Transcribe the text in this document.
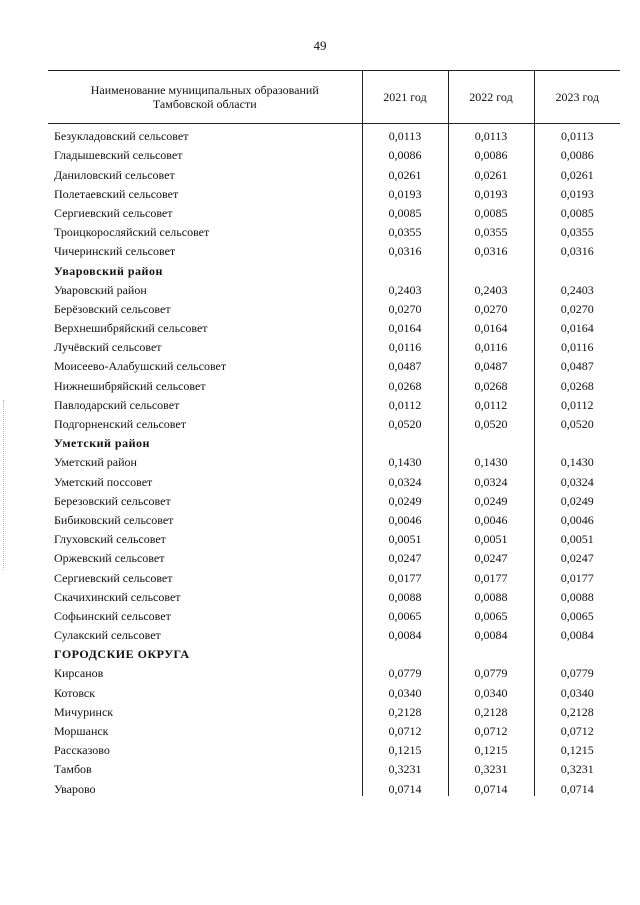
49
Наименование муниципальных образований Тамбовской области	2021 год	2022 год	2023 год
Безукладовский сельсовет	0,0113	0,0113	0,0113
Гладышевский сельсовет	0,0086	0,0086	0,0086
Даниловский сельсовет	0,0261	0,0261	0,0261
Полетаевский сельсовет	0,0193	0,0193	0,0193
Сергиевский сельсовет	0,0085	0,0085	0,0085
Троицкоросляйский сельсовет	0,0355	0,0355	0,0355
Чичеринский сельсовет	0,0316	0,0316	0,0316
Уваровский район			
Уваровский район	0,2403	0,2403	0,2403
Берёзовский сельсовет	0,0270	0,0270	0,0270
Верхнешибряйский сельсовет	0,0164	0,0164	0,0164
Лучёвский сельсовет	0,0116	0,0116	0,0116
Моисеево-Алабушский сельсовет	0,0487	0,0487	0,0487
Нижнешибряйский сельсовет	0,0268	0,0268	0,0268
Павлодарский сельсовет	0,0112	0,0112	0,0112
Подгорненский сельсовет	0,0520	0,0520	0,0520
Уметский район			
Уметский район	0,1430	0,1430	0,1430
Уметский поссовет	0,0324	0,0324	0,0324
Березовский сельсовет	0,0249	0,0249	0,0249
Бибиковский сельсовет	0,0046	0,0046	0,0046
Глуховский сельсовет	0,0051	0,0051	0,0051
Оржевский сельсовет	0,0247	0,0247	0,0247
Сергиевский сельсовет	0,0177	0,0177	0,0177
Скачихинский сельсовет	0,0088	0,0088	0,0088
Софьинский сельсовет	0,0065	0,0065	0,0065
Сулакский сельсовет	0,0084	0,0084	0,0084
ГОРОДСКИЕ ОКРУГА			
Кирсанов	0,0779	0,0779	0,0779
Котовск	0,0340	0,0340	0,0340
Мичуринск	0,2128	0,2128	0,2128
Моршанск	0,0712	0,0712	0,0712
Рассказово	0,1215	0,1215	0,1215
Тамбов	0,3231	0,3231	0,3231
Уварово	0,0714	0,0714	0,0714
